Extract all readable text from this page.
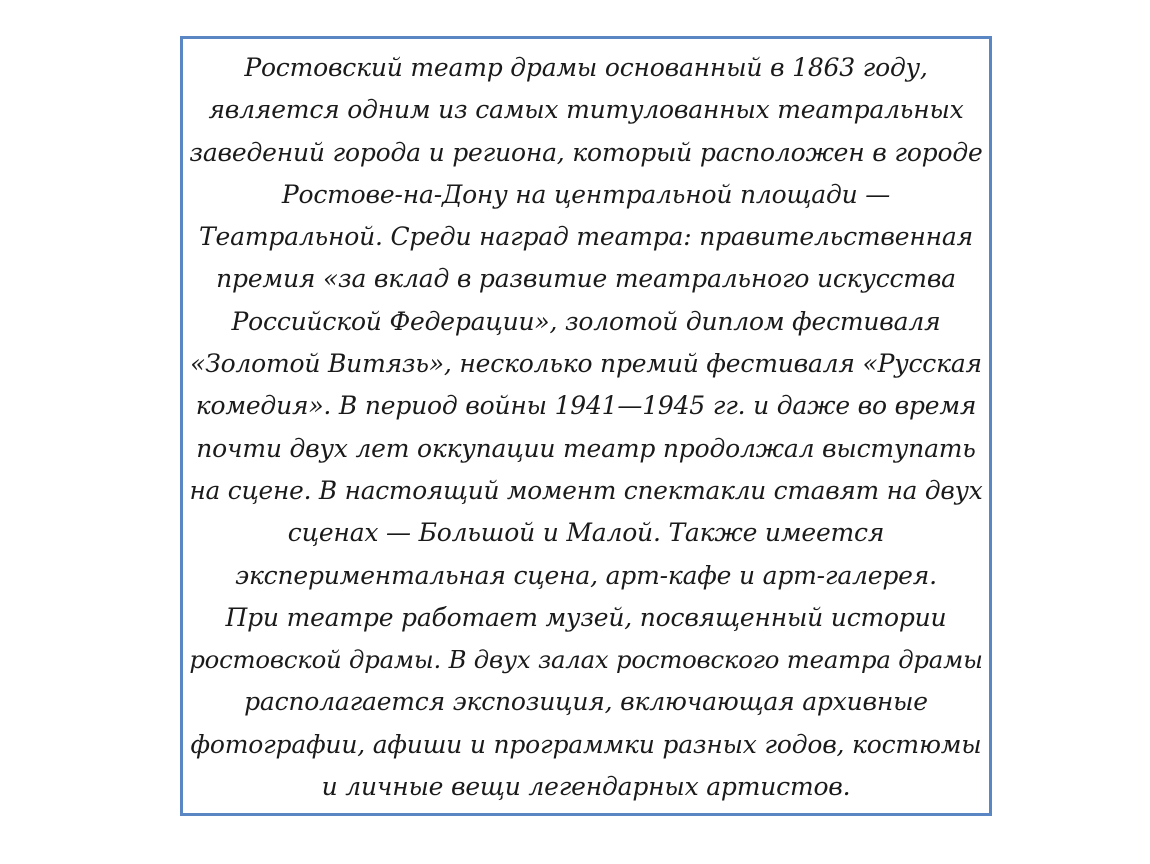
Ростовский театр драмы основанный в 1863 году,
является одним из самых титулованных театральных
заведений города и региона, который расположен в городе
Ростове-на-Дону на центральной площади —
Театральной. Среди наград театра: правительственная
премия «за вклад в развитие театрального искусства
Российской Федерации», золотой диплом фестиваля
«Золотой Витязь», несколько премий фестиваля «Русская
комедия». В период войны 1941—1945 гг. и даже во время
почти двух лет оккупации театр продолжал выступать
на сцене. В настоящий момент спектакли ставят на двух
сценах — Большой и Малой. Также имеется
экспериментальная сцена, арт-кафе и арт-галерея.
При театре работает музей, посвященный истории
ростовской драмы. В двух залах ростовского театра драмы
располагается экспозиция, включающая архивные
фотографии, афиши и программки разных годов, костюмы
и личные вещи легендарных артистов.
